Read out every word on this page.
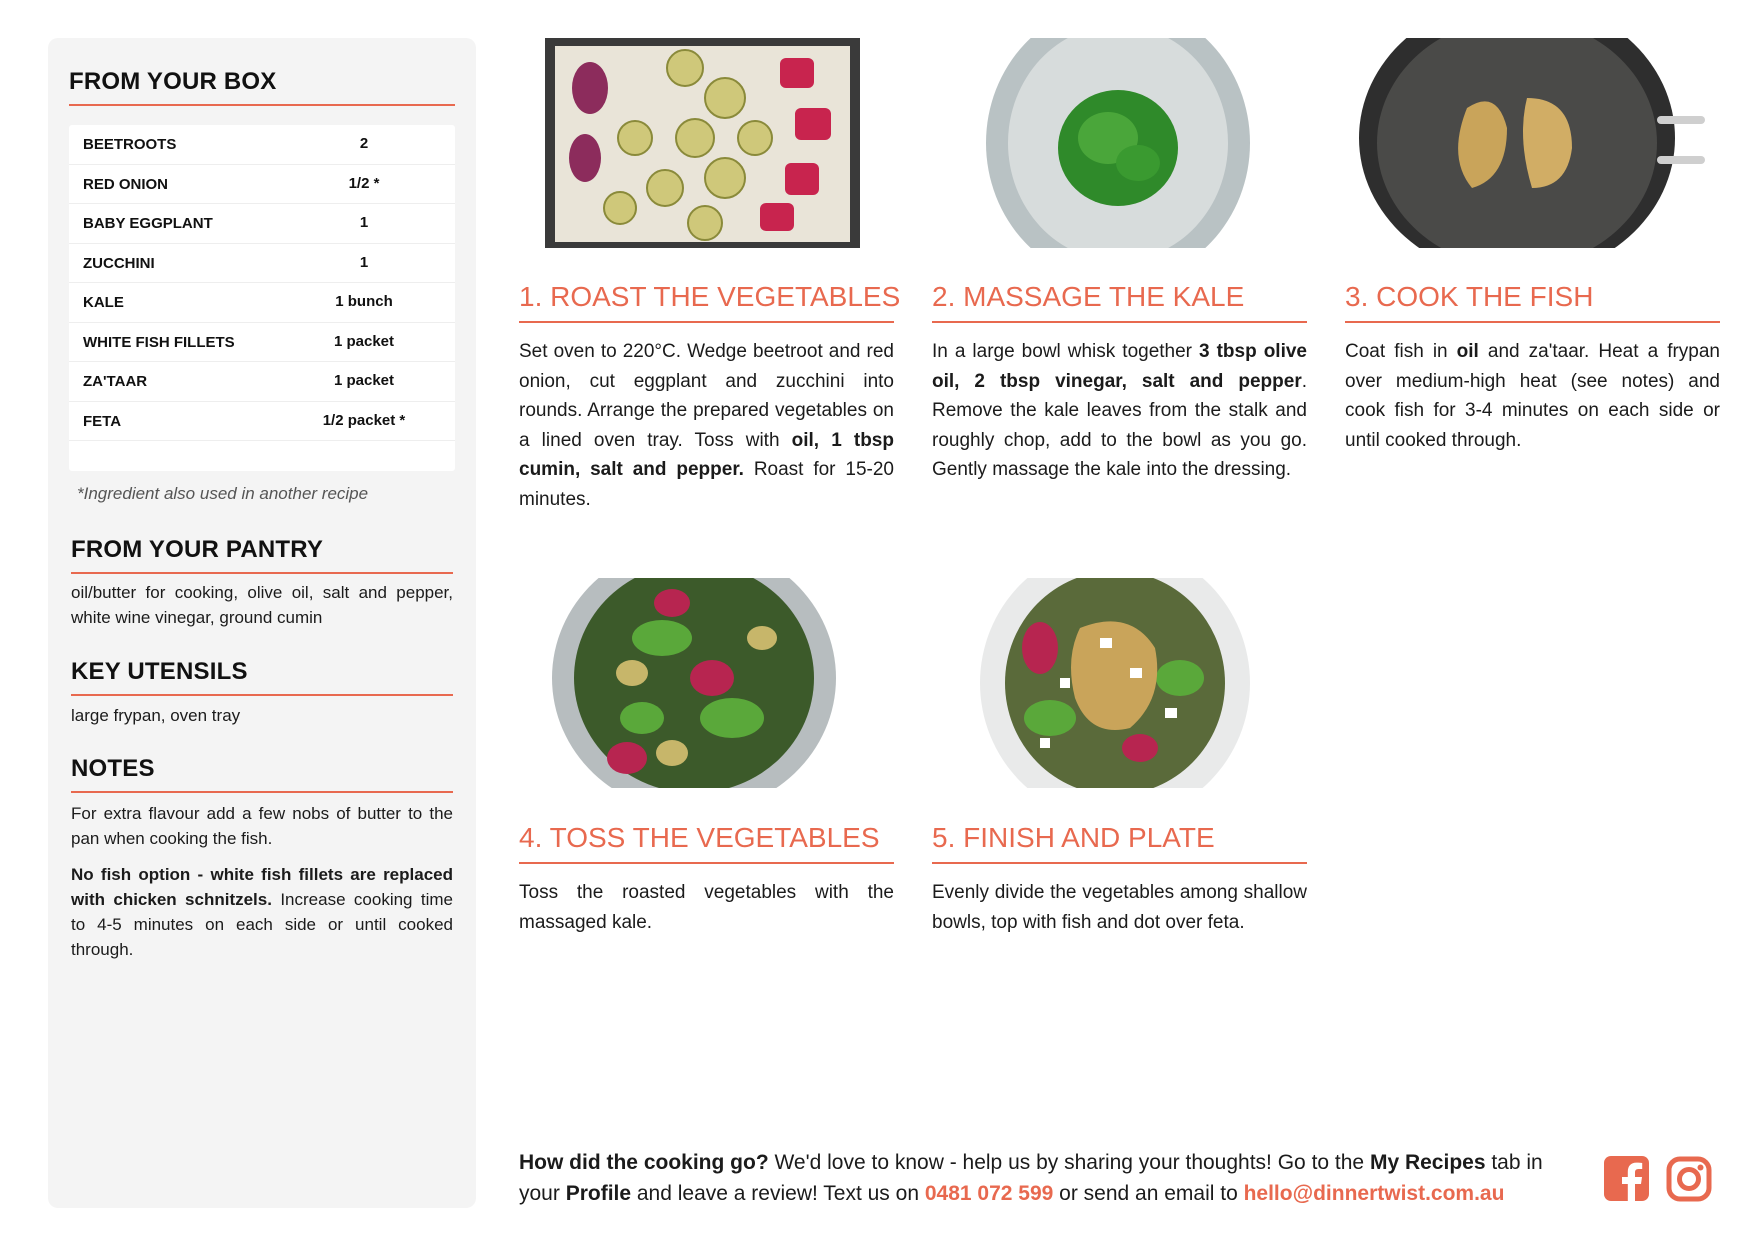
FROM YOUR BOX
BEETROOTS	2
RED ONION	1/2 *
BABY EGGPLANT	1
ZUCCHINI	1
KALE	1 bunch
WHITE FISH FILLETS	1 packet
ZA'TAAR	1 packet
FETA	1/2 packet *
*Ingredient also used in another recipe
FROM YOUR PANTRY
oil/butter for cooking, olive oil, salt and pepper, white wine vinegar, ground cumin
KEY UTENSILS
large frypan, oven tray
NOTES
For extra flavour add a few nobs of butter to the pan when cooking the fish.
No fish option - white fish fillets are replaced with chicken schnitzels. Increase cooking time to 4-5 minutes on each side or until cooked through.
1. ROAST THE VEGETABLES
Set oven to 220°C. Wedge beetroot and red onion, cut eggplant and zucchini into rounds. Arrange the prepared vegetables on a lined oven tray. Toss with oil, 1 tbsp cumin, salt and pepper. Roast for 15-20 minutes.
2. MASSAGE THE KALE
In a large bowl whisk together 3 tbsp olive oil, 2 tbsp vinegar, salt and pepper. Remove the kale leaves from the stalk and roughly chop, add to the bowl as you go. Gently massage the kale into the dressing.
3. COOK THE FISH
Coat fish in oil and za'taar. Heat a frypan over medium-high heat (see notes) and cook fish for 3-4 minutes on each side or until cooked through.
4. TOSS THE VEGETABLES
Toss the roasted vegetables with the massaged kale.
5. FINISH AND PLATE
Evenly divide the vegetables among shallow bowls, top with fish and dot over feta.
How did the cooking go? We'd love to know - help us by sharing your thoughts! Go to the My Recipes tab in your Profile and leave a review! Text us on 0481 072 599 or send an email to hello@dinnertwist.com.au
